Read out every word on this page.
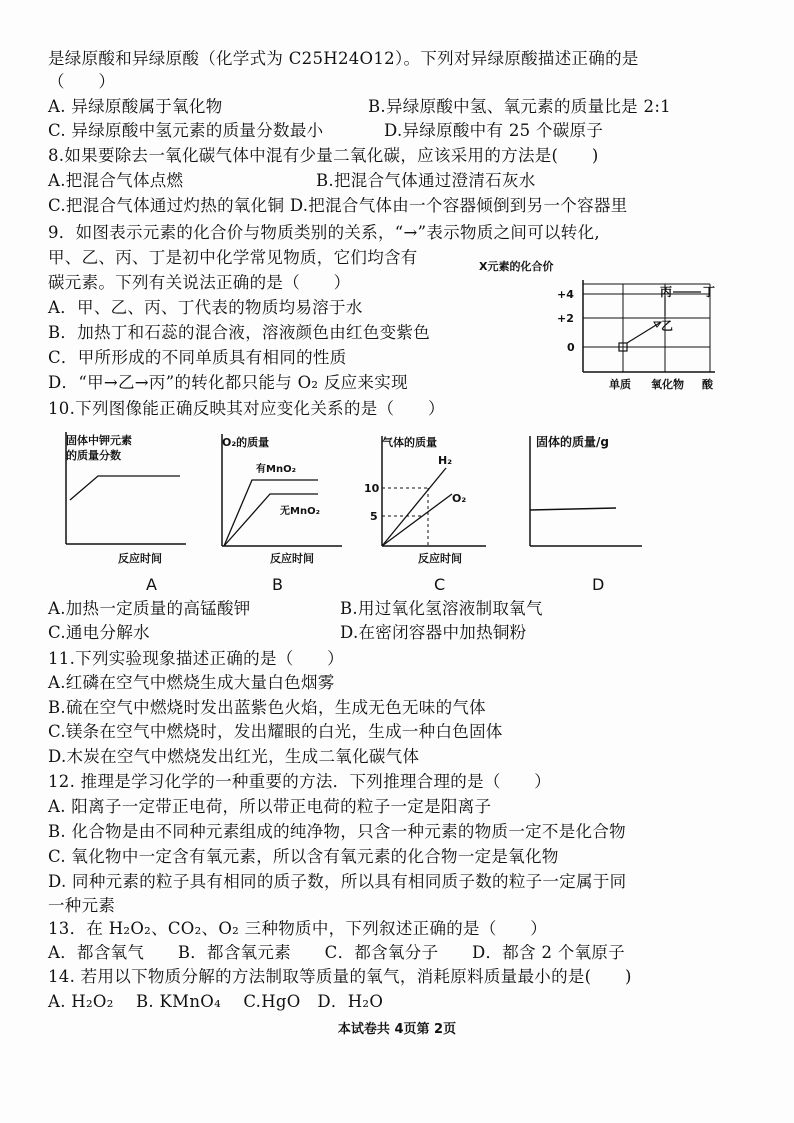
是绿原酸和异绿原酸（化学式为 C25H24O12）。下列对异绿原酸描述正确的是
（　　）
A. 异绿原酸属于氧化物	B.异绿原酸中氢、氧元素的质量比是 2:1
C. 异绿原酸中氢元素的质量分数最小	D.异绿原酸中有 25 个碳原子
8.如果要除去一氧化碳气体中混有少量二氧化碳，应该采用的方法是(　　)
A.把混合气体点燃	B.把混合气体通过澄清石灰水
C.把混合气体通过灼热的氧化铜 D.把混合气体由一个容器倾倒到另一个容器里
9．如图表示元素的化合价与物质类别的关系，“→”表示物质之间可以转化,
甲、乙、丙、丁是初中化学常见物质，它们均含有
碳元素。下列有关说法正确的是（　　）
A．甲、乙、丙、丁代表的物质均易溶于水
B．加热丁和石蕊的混合液，溶液颜色由红色变紫色
C．甲所形成的不同单质具有相同的性质
D．“甲→乙→丙”的转化都只能与 O₂ 反应来实现
X元素的化合价
+4
+2
0
单质 氧化物 酸
丙	丁
乙
10.下列图像能正确反映其对应变化关系的是（　　）
固体中钾元素
的质量分数
反应时间
A
O₂的质量
有MnO₂
无MnO₂
反应时间
B
气体的质量
10
5
H₂
O₂
反应时间
C
固体的质量/g
D
A.加热一定质量的高锰酸钾	B.用过氧化氢溶液制取氧气
C.通电分解水	D.在密闭容器中加热铜粉
11.下列实验现象描述正确的是（　　）
A.红磷在空气中燃烧生成大量白色烟雾
B.硫在空气中燃烧时发出蓝紫色火焰，生成无色无味的气体
C.镁条在空气中燃烧时，发出耀眼的白光，生成一种白色固体
D.木炭在空气中燃烧发出红光，生成二氧化碳气体
12. 推理是学习化学的一种重要的方法．下列推理合理的是（　　）
A. 阳离子一定带正电荷，所以带正电荷的粒子一定是阳离子
B. 化合物是由不同种元素组成的纯净物，只含一种元素的物质一定不是化合物
C. 氧化物中一定含有氧元素，所以含有氧元素的化合物一定是氧化物
D. 同种元素的粒子具有相同的质子数，所以具有相同质子数的粒子一定属于同
一种元素
13．在 H₂O₂、CO₂、O₂ 三种物质中，下列叙述正确的是（　　）
A．都含氧气　　B．都含氧元素　　C．都含氧分子　　D．都含 2 个氧原子
14. 若用以下物质分解的方法制取等质量的氧气，消耗原料质量最小的是(　　)
A. H₂O₂　 B. KMnO₄　 C.HgO　D．H₂O
本试卷共 4页第 2页
